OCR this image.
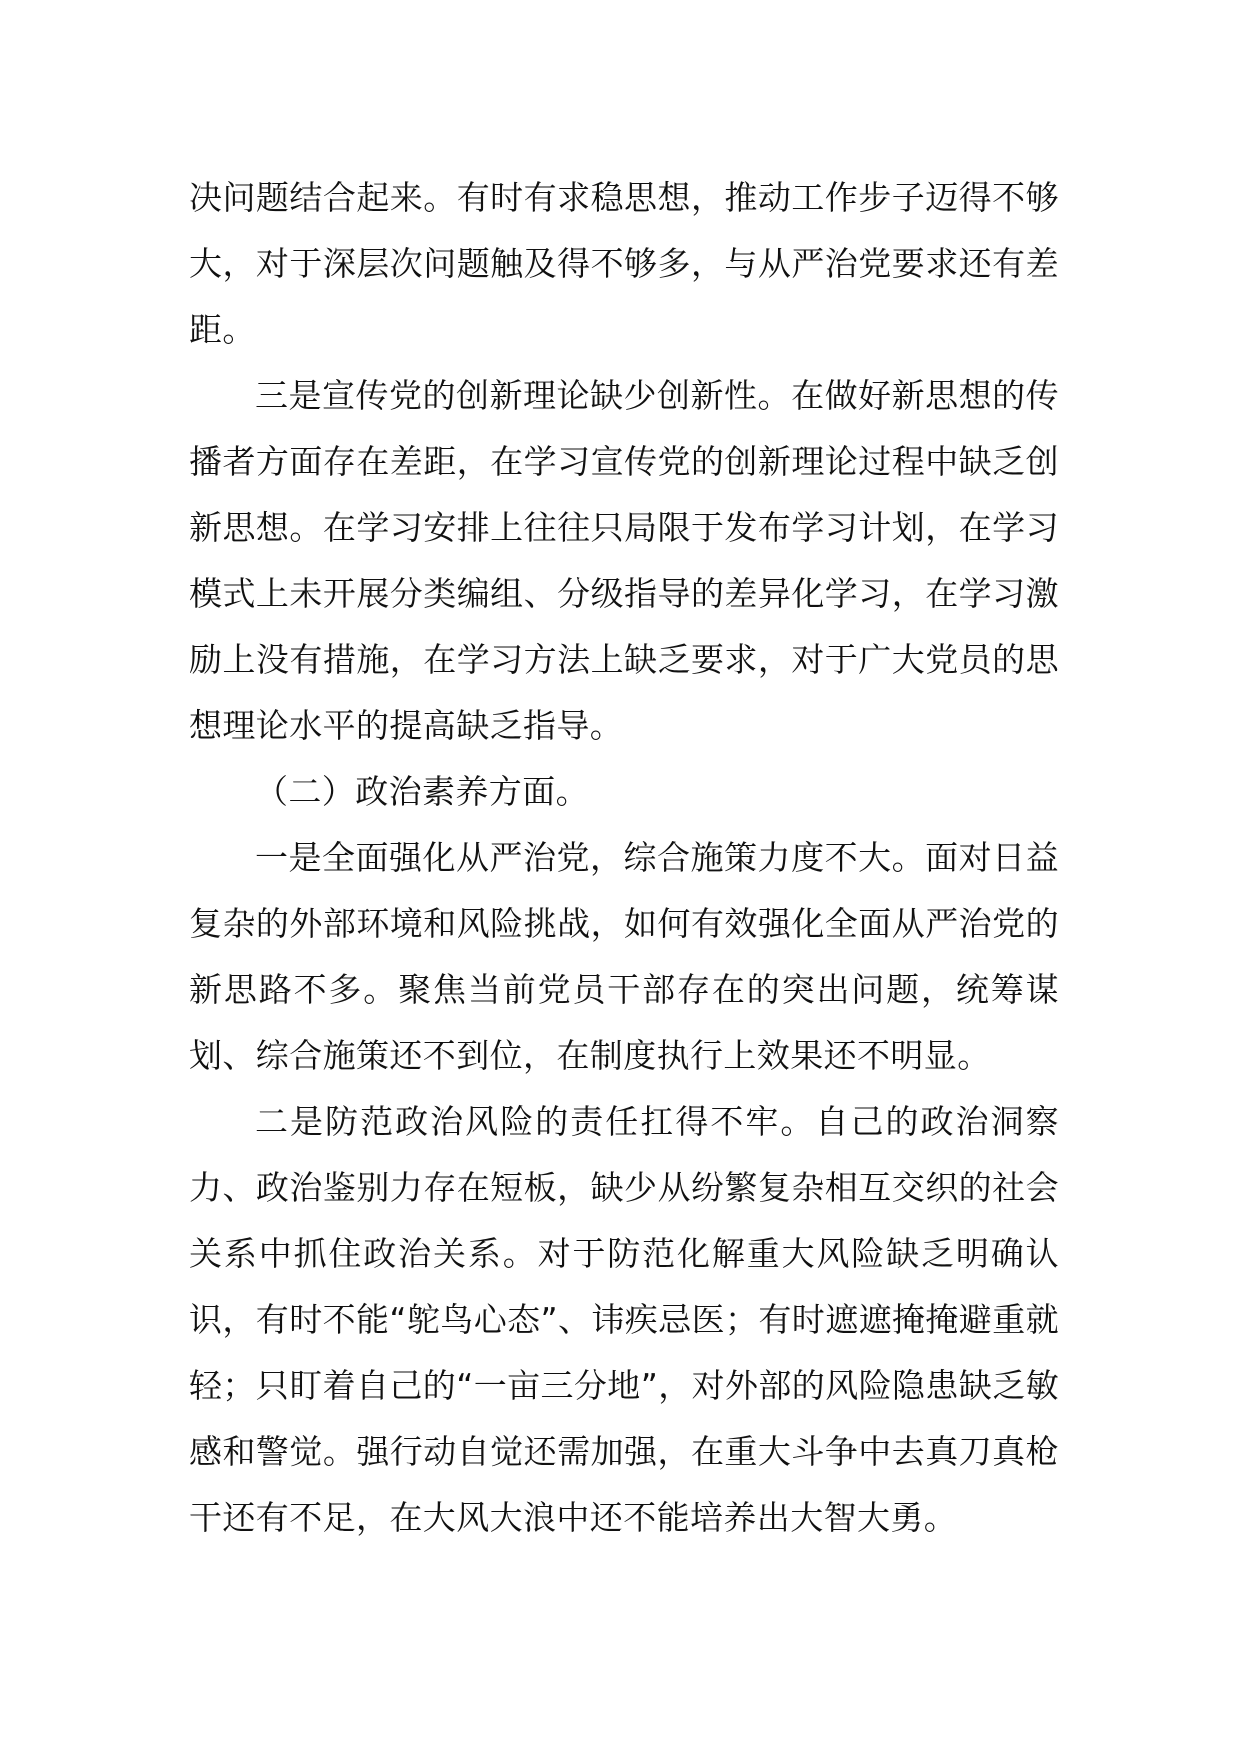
决问题结合起来。有时有求稳思想，推动工作步子迈得不够大，对于深层次问题触及得不够多，与从严治党要求还有差距。

三是宣传党的创新理论缺少创新性。在做好新思想的传播者方面存在差距，在学习宣传党的创新理论过程中缺乏创新思想。在学习安排上往往只局限于发布学习计划，在学习模式上未开展分类编组、分级指导的差异化学习，在学习激励上没有措施，在学习方法上缺乏要求，对于广大党员的思想理论水平的提高缺乏指导。

（二）政治素养方面。

一是全面强化从严治党，综合施策力度不大。面对日益复杂的外部环境和风险挑战，如何有效强化全面从严治党的新思路不多。聚焦当前党员干部存在的突出问题，统筹谋划、综合施策还不到位，在制度执行上效果还不明显。

二是防范政治风险的责任扛得不牢。自己的政治洞察力、政治鉴别力存在短板，缺少从纷繁复杂相互交织的社会关系中抓住政治关系。对于防范化解重大风险缺乏明确认识，有时不能“鸵鸟心态”、讳疾忌医；有时遮遮掩掩避重就轻；只盯着自己的“一亩三分地”，对外部的风险隐患缺乏敏感和警觉。强行动自觉还需加强，在重大斗争中去真刀真枪干还有不足，在大风大浪中还不能培养出大智大勇。
